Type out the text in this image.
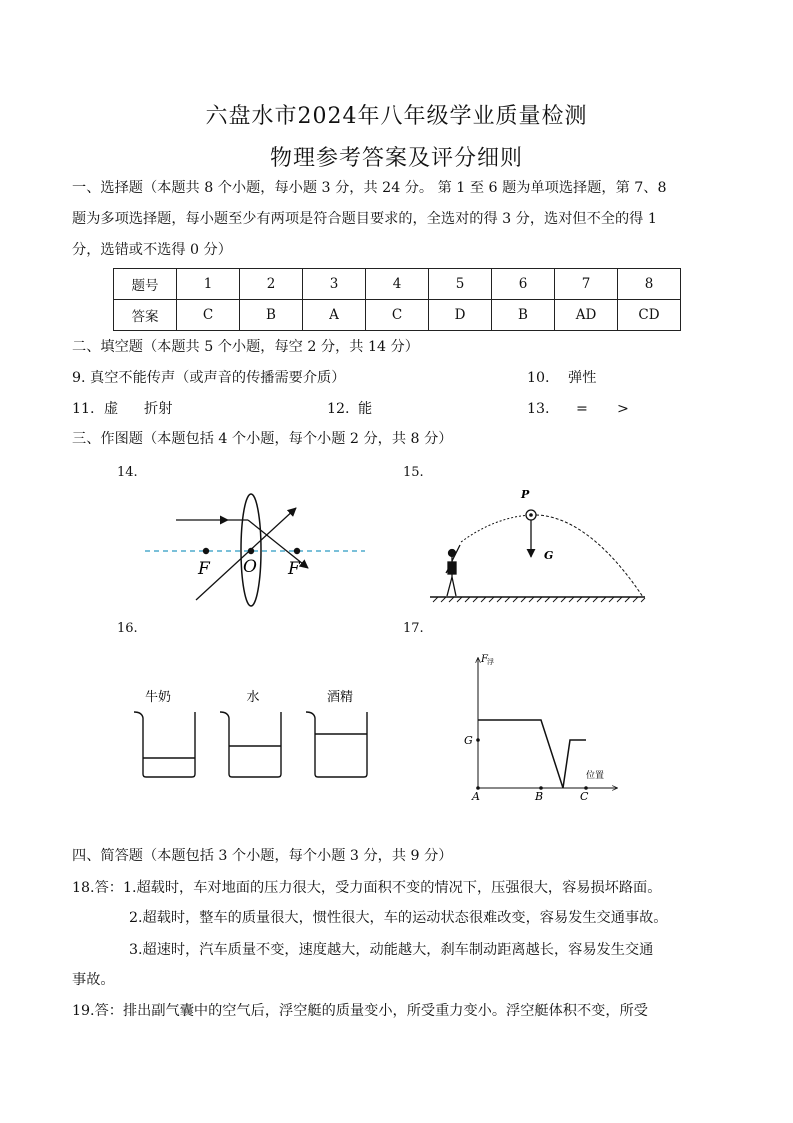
六盘水市2024年八年级学业质量检测
物理参考答案及评分细则
一、选择题（本题共 8 个小题，每小题 3 分，共 24 分。 第 1 至 6 题为单项选择题，第 7、8
题为多项选择题，每小题至少有两项是符合题目要求的，全选对的得 3 分，选对但不全的得 1
分，选错或不选得 0 分）
题号	1	2	3	4	5	6	7	8
答案	C	B	A	C	D	B	AD	CD
二、填空题（本题共 5 个小题，每空 2 分，共 14 分）
9. 真空不能传声（或声音的传播需要介质）	10. 弹性
11. 虚 折射	12. 能	13. = >
三、作图题（本题包括 4 个小题，每个小题 2 分，共 8 分）
14.	15.
16.	17.
F O F
P
G
牛奶	水	酒精
F 浮
G
A	B	C
位置
四、简答题（本题包括 3 个小题，每个小题 3 分，共 9 分）
18.答：1.超载时，车对地面的压力很大，受力面积不变的情况下，压强很大，容易损坏路面。
2.超载时，整车的质量很大，惯性很大，车的运动状态很难改变，容易发生交通事故。
3.超速时，汽车质量不变，速度越大，动能越大，刹车制动距离越长，容易发生交通
事故。
19.答：排出副气囊中的空气后，浮空艇的质量变小，所受重力变小。浮空艇体积不变，所受
